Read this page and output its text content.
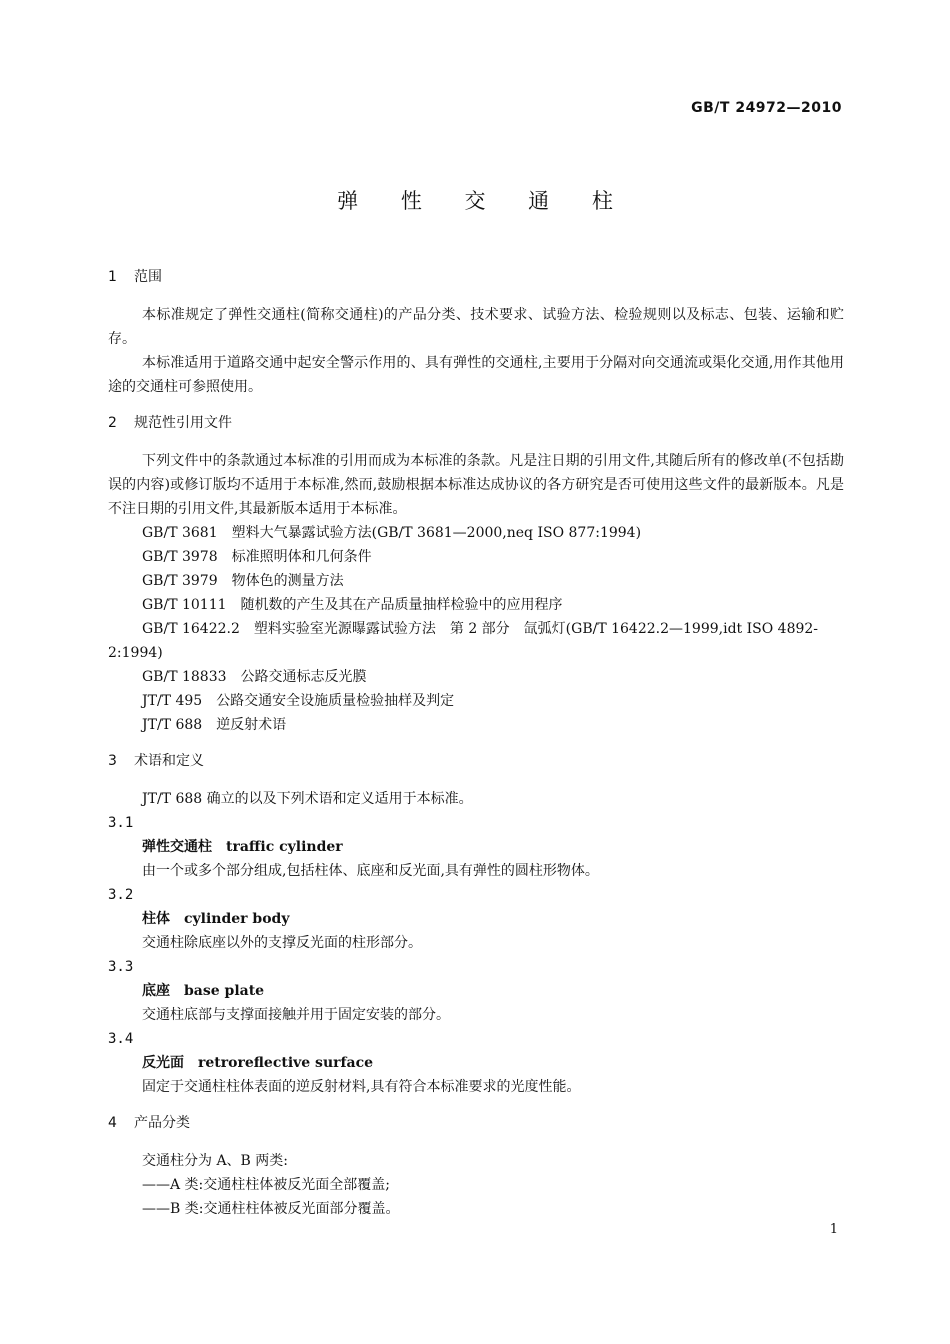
GB/T 24972—2010
弹 性 交 通 柱
1 范围

本标准规定了弹性交通柱(简称交通柱)的产品分类、技术要求、试验方法、检验规则以及标志、包装、运输和贮存。

本标准适用于道路交通中起安全警示作用的、具有弹性的交通柱,主要用于分隔对向交通流或渠化交通,用作其他用途的交通柱可参照使用。

2 规范性引用文件

下列文件中的条款通过本标准的引用而成为本标准的条款。凡是注日期的引用文件,其随后所有的修改单(不包括勘误的内容)或修订版均不适用于本标准,然而,鼓励根据本标准达成协议的各方研究是否可使用这些文件的最新版本。凡是不注日期的引用文件,其最新版本适用于本标准。

GB/T 3681 塑料大气暴露试验方法(GB/T 3681—2000,neq ISO 877:1994)

GB/T 3978 标准照明体和几何条件

GB/T 3979 物体色的测量方法

GB/T 10111 随机数的产生及其在产品质量抽样检验中的应用程序

GB/T 16422.2 塑料实验室光源曝露试验方法　第 2 部分　氙弧灯(GB/T 16422.2—1999,idt ISO 4892-2:1994)

GB/T 18833 公路交通标志反光膜

JT/T 495 公路交通安全设施质量检验抽样及判定

JT/T 688 逆反射术语

3 术语和定义

JT/T 688 确立的以及下列术语和定义适用于本标准。

3.1

弹性交通柱 traffic cylinder

由一个或多个部分组成,包括柱体、底座和反光面,具有弹性的圆柱形物体。

3.2

柱体 cylinder body

交通柱除底座以外的支撑反光面的柱形部分。

3.3

底座 base plate

交通柱底部与支撑面接触并用于固定安装的部分。

3.4

反光面 retroreflective surface

固定于交通柱柱体表面的逆反射材料,具有符合本标准要求的光度性能。

4 产品分类

交通柱分为 A、B 两类:

——A 类:交通柱柱体被反光面全部覆盖;

——B 类:交通柱柱体被反光面部分覆盖。

1
